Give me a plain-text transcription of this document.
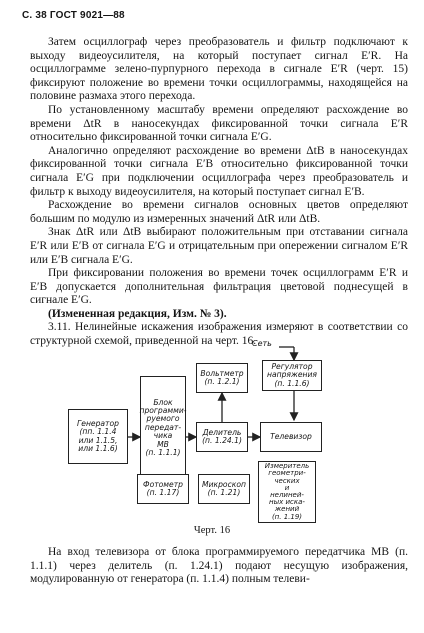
С. 38 ГОСТ 9021—88

Затем осциллограф через преобразователь и фильтр подключают к выходу видеоусилителя, на который поступает сигнал E′R. На осциллограмме зелено-пурпурного перехода в сигнале E′R (черт. 15) фиксируют положение во времени точки осциллограммы, находящейся на половине размаха этого перехода.

По установленному масштабу времени определяют расхождение во времени ΔtR в наносекундах фиксированной точки сигнала E′R относительно фиксированной точки сигнала E′G.

Аналогично определяют расхождение во времени ΔtB в наносекундах фиксированной точки сигнала E′B относительно фиксированной точки сигнала E′G при подключении осциллографа через преобразователь и фильтр к выходу видеоусилителя, на который поступает сигнал E′B.

Расхождение во времени сигналов основных цветов определяют большим по модулю из измеренных значений ΔtR или ΔtB.

Знак ΔtR или ΔtB выбирают положительным при отставании сигнала E′R или E′B от сигнала E′G и отрицательным при опережении сигналом E′R или E′B сигнала E′G.

При фиксировании положения во времени точек осциллограмм E′R и E′B допускается дополнительная фильтрация цветовой поднесущей в сигнале E′G.

(Измененная редакция, Изм. № 3).

3.11. Нелинейные искажения изображения измеряют в соответствии со структурной схемой, приведенной на черт. 16.

Сеть
Генератор
(пп. 1.1.4
или 1.1.5,
или 1.1.6)
Блок
программи-
руемого
передат-
чика
МВ
(п. 1.1.1)
Вольтметр
(п. 1.2.1)
Регулятор
напряжения
(п. 1.1.6)
Делитель
(п. 1.24.1)	Телевизор
Фотометр
(п. 1.17)
Микроскоп
(п. 1.21)
Измеритель
геометри-
ческих
и
нелиней-
ных иска-
жений
(п. 1.19)
Черт. 16

На вход телевизора от блока программируемого передатчика МВ (п. 1.1.1) через делитель (п. 1.24.1) подают несущую изображения, модулированную от генератора (п. 1.1.4) полным телеви-
